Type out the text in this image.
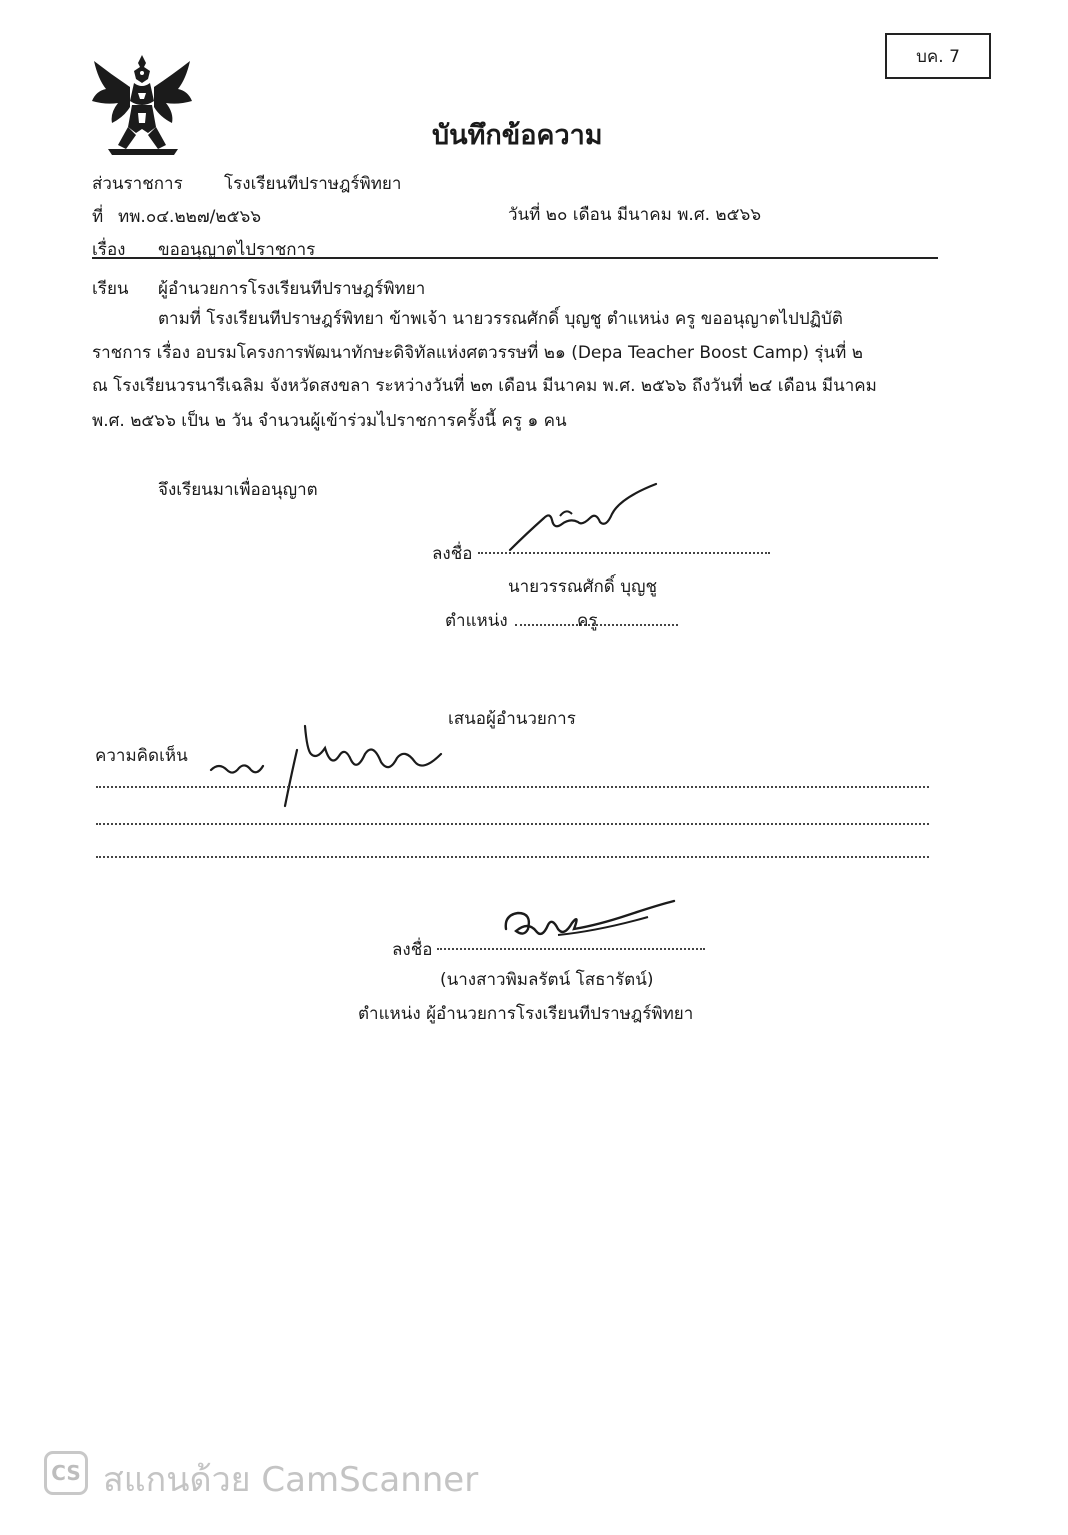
บค. 7
บันทึกข้อความ
ส่วนราชการ โรงเรียนทีปราษฎร์พิทยา
ที่ ทพ.๐๔.๒๒๗/๒๕๖๖	วันที่ ๒๐ เดือน มีนาคม พ.ศ. ๒๕๖๖
เรื่อง ขออนุญาตไปราชการ
เรียน ผู้อำนวยการโรงเรียนทีปราษฎร์พิทยา
ตามที่ โรงเรียนทีปราษฎร์พิทยา ข้าพเจ้า นายวรรณศักดิ์ บุญชู ตำแหน่ง ครู ขออนุญาตไปปฏิบัติ
ราชการ เรื่อง อบรมโครงการพัฒนาทักษะดิจิทัลแห่งศตวรรษที่ ๒๑ (Depa Teacher Boost Camp) รุ่นที่ ๒
ณ โรงเรียนวรนารีเฉลิม จังหวัดสงขลา ระหว่างวันที่ ๒๓ เดือน มีนาคม พ.ศ. ๒๕๖๖ ถึงวันที่ ๒๔ เดือน มีนาคม
พ.ศ. ๒๕๖๖ เป็น ๒ วัน จำนวนผู้เข้าร่วมไปราชการครั้งนี้ ครู ๑ คน
จึงเรียนมาเพื่ออนุญาต
ลงชื่อ
นายวรรณศักดิ์ บุญชู
ตำแหน่ง	ครู
เสนอผู้อำนวยการ
ความคิดเห็น
ลงชื่อ
(นางสาวพิมลรัตน์ โสธารัตน์)
ตำแหน่ง ผู้อำนวยการโรงเรียนทีปราษฎร์พิทยา
CS สแกนด้วย CamScanner
